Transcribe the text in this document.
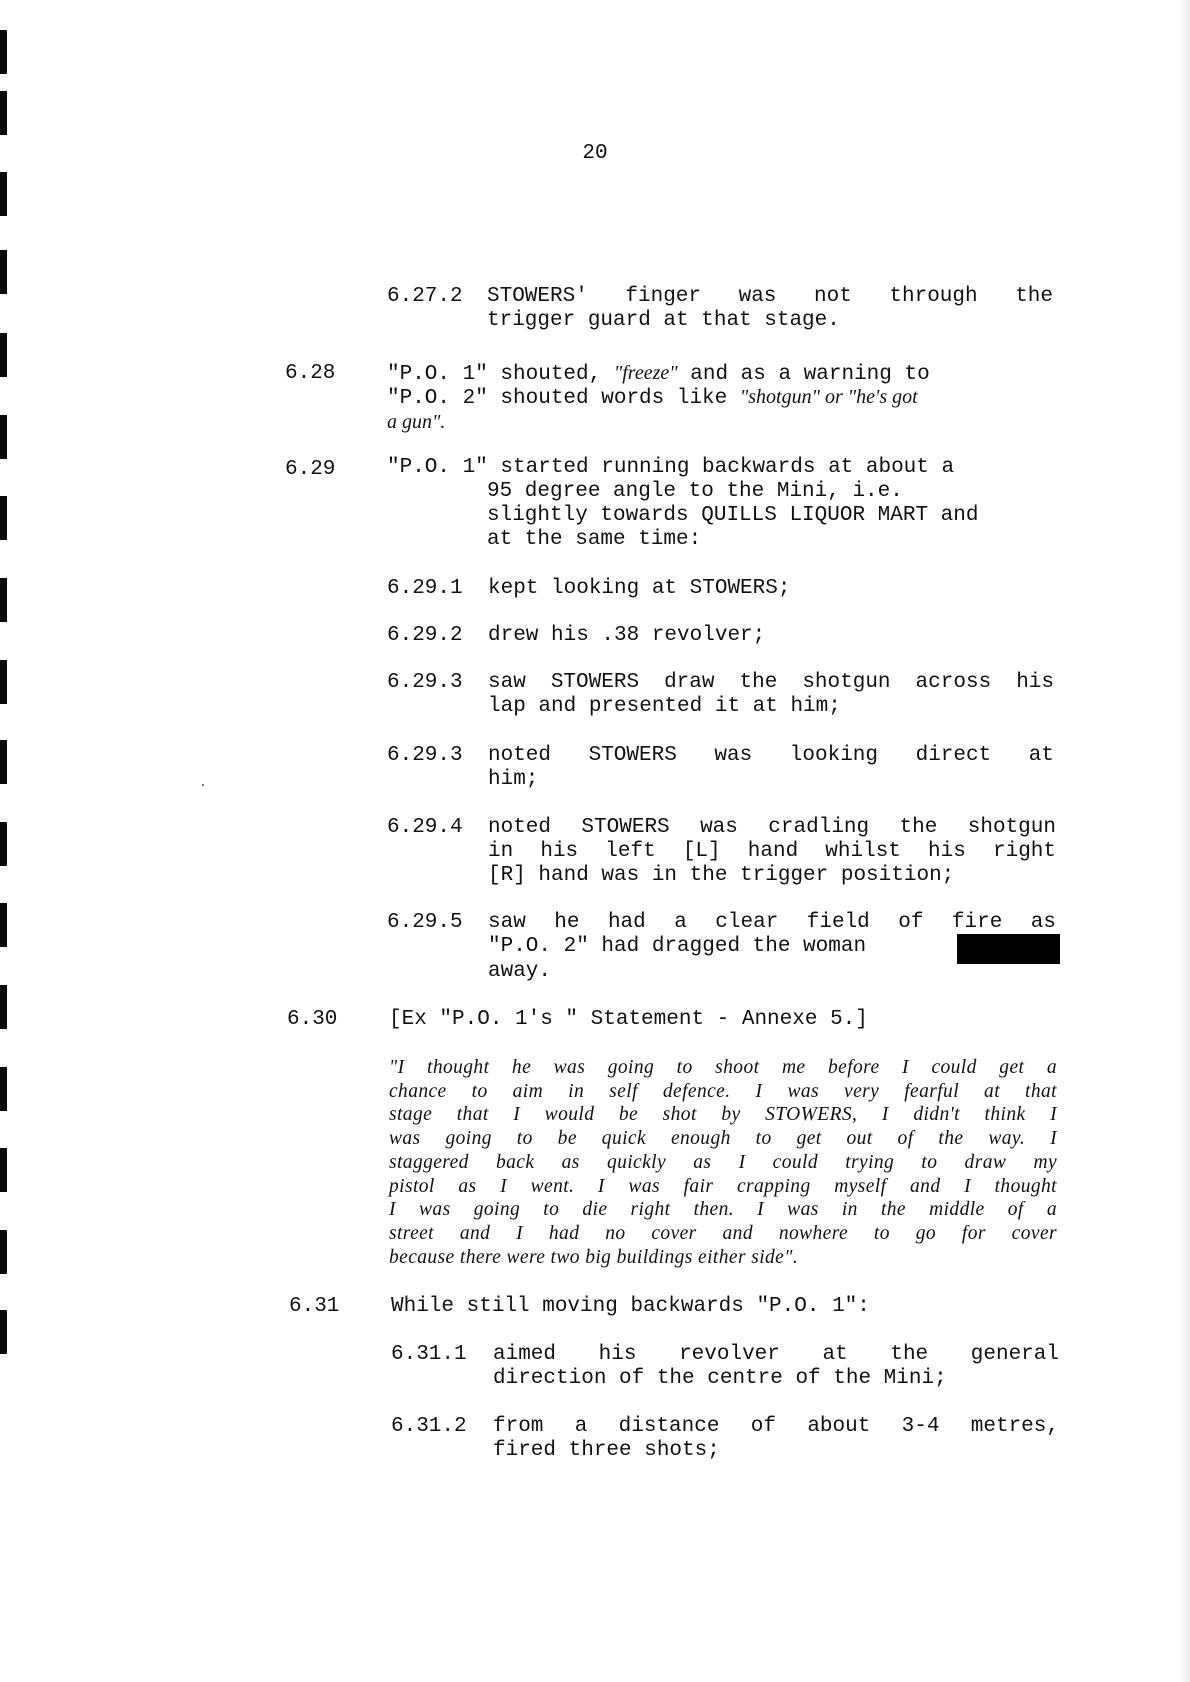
20
6.27.2 STOWERS' finger was not through the
trigger guard at that stage.
6.28 "P.O. 1" shouted, "freeze" and as a warning to
"P.O. 2" shouted words like "shotgun" or "he's got
a gun".
6.29 "P.O. 1" started running backwards at about a
95 degree angle to the Mini, i.e.
slightly towards QUILLS LIQUOR MART and
at the same time:
6.29.1 kept looking at STOWERS;
6.29.2 drew his .38 revolver;
6.29.3 saw STOWERS draw the shotgun across his
lap and presented it at him;
6.29.3 noted STOWERS was looking direct at
him;
6.29.4 noted STOWERS was cradling the shotgun
in his left [L] hand whilst his right
[R] hand was in the trigger position;
6.29.5 saw he had a clear field of fire as
"P.O. 2" had dragged the woman
away.
6.30 [Ex "P.O. 1's " Statement - Annexe 5.]
"I thought he was going to shoot me before I could get a
chance to aim in self defence. I was very fearful at that
stage that I would be shot by STOWERS, I didn't think I
was going to be quick enough to get out of the way. I
staggered back as quickly as I could trying to draw my
pistol as I went. I was fair crapping myself and I thought
I was going to die right then. I was in the middle of a
street and I had no cover and nowhere to go for cover
because there were two big buildings either side".
6.31 While still moving backwards "P.O. 1":
6.31.1 aimed his revolver at the general
direction of the centre of the Mini;
6.31.2 from a distance of about 3-4 metres,
fired three shots;
